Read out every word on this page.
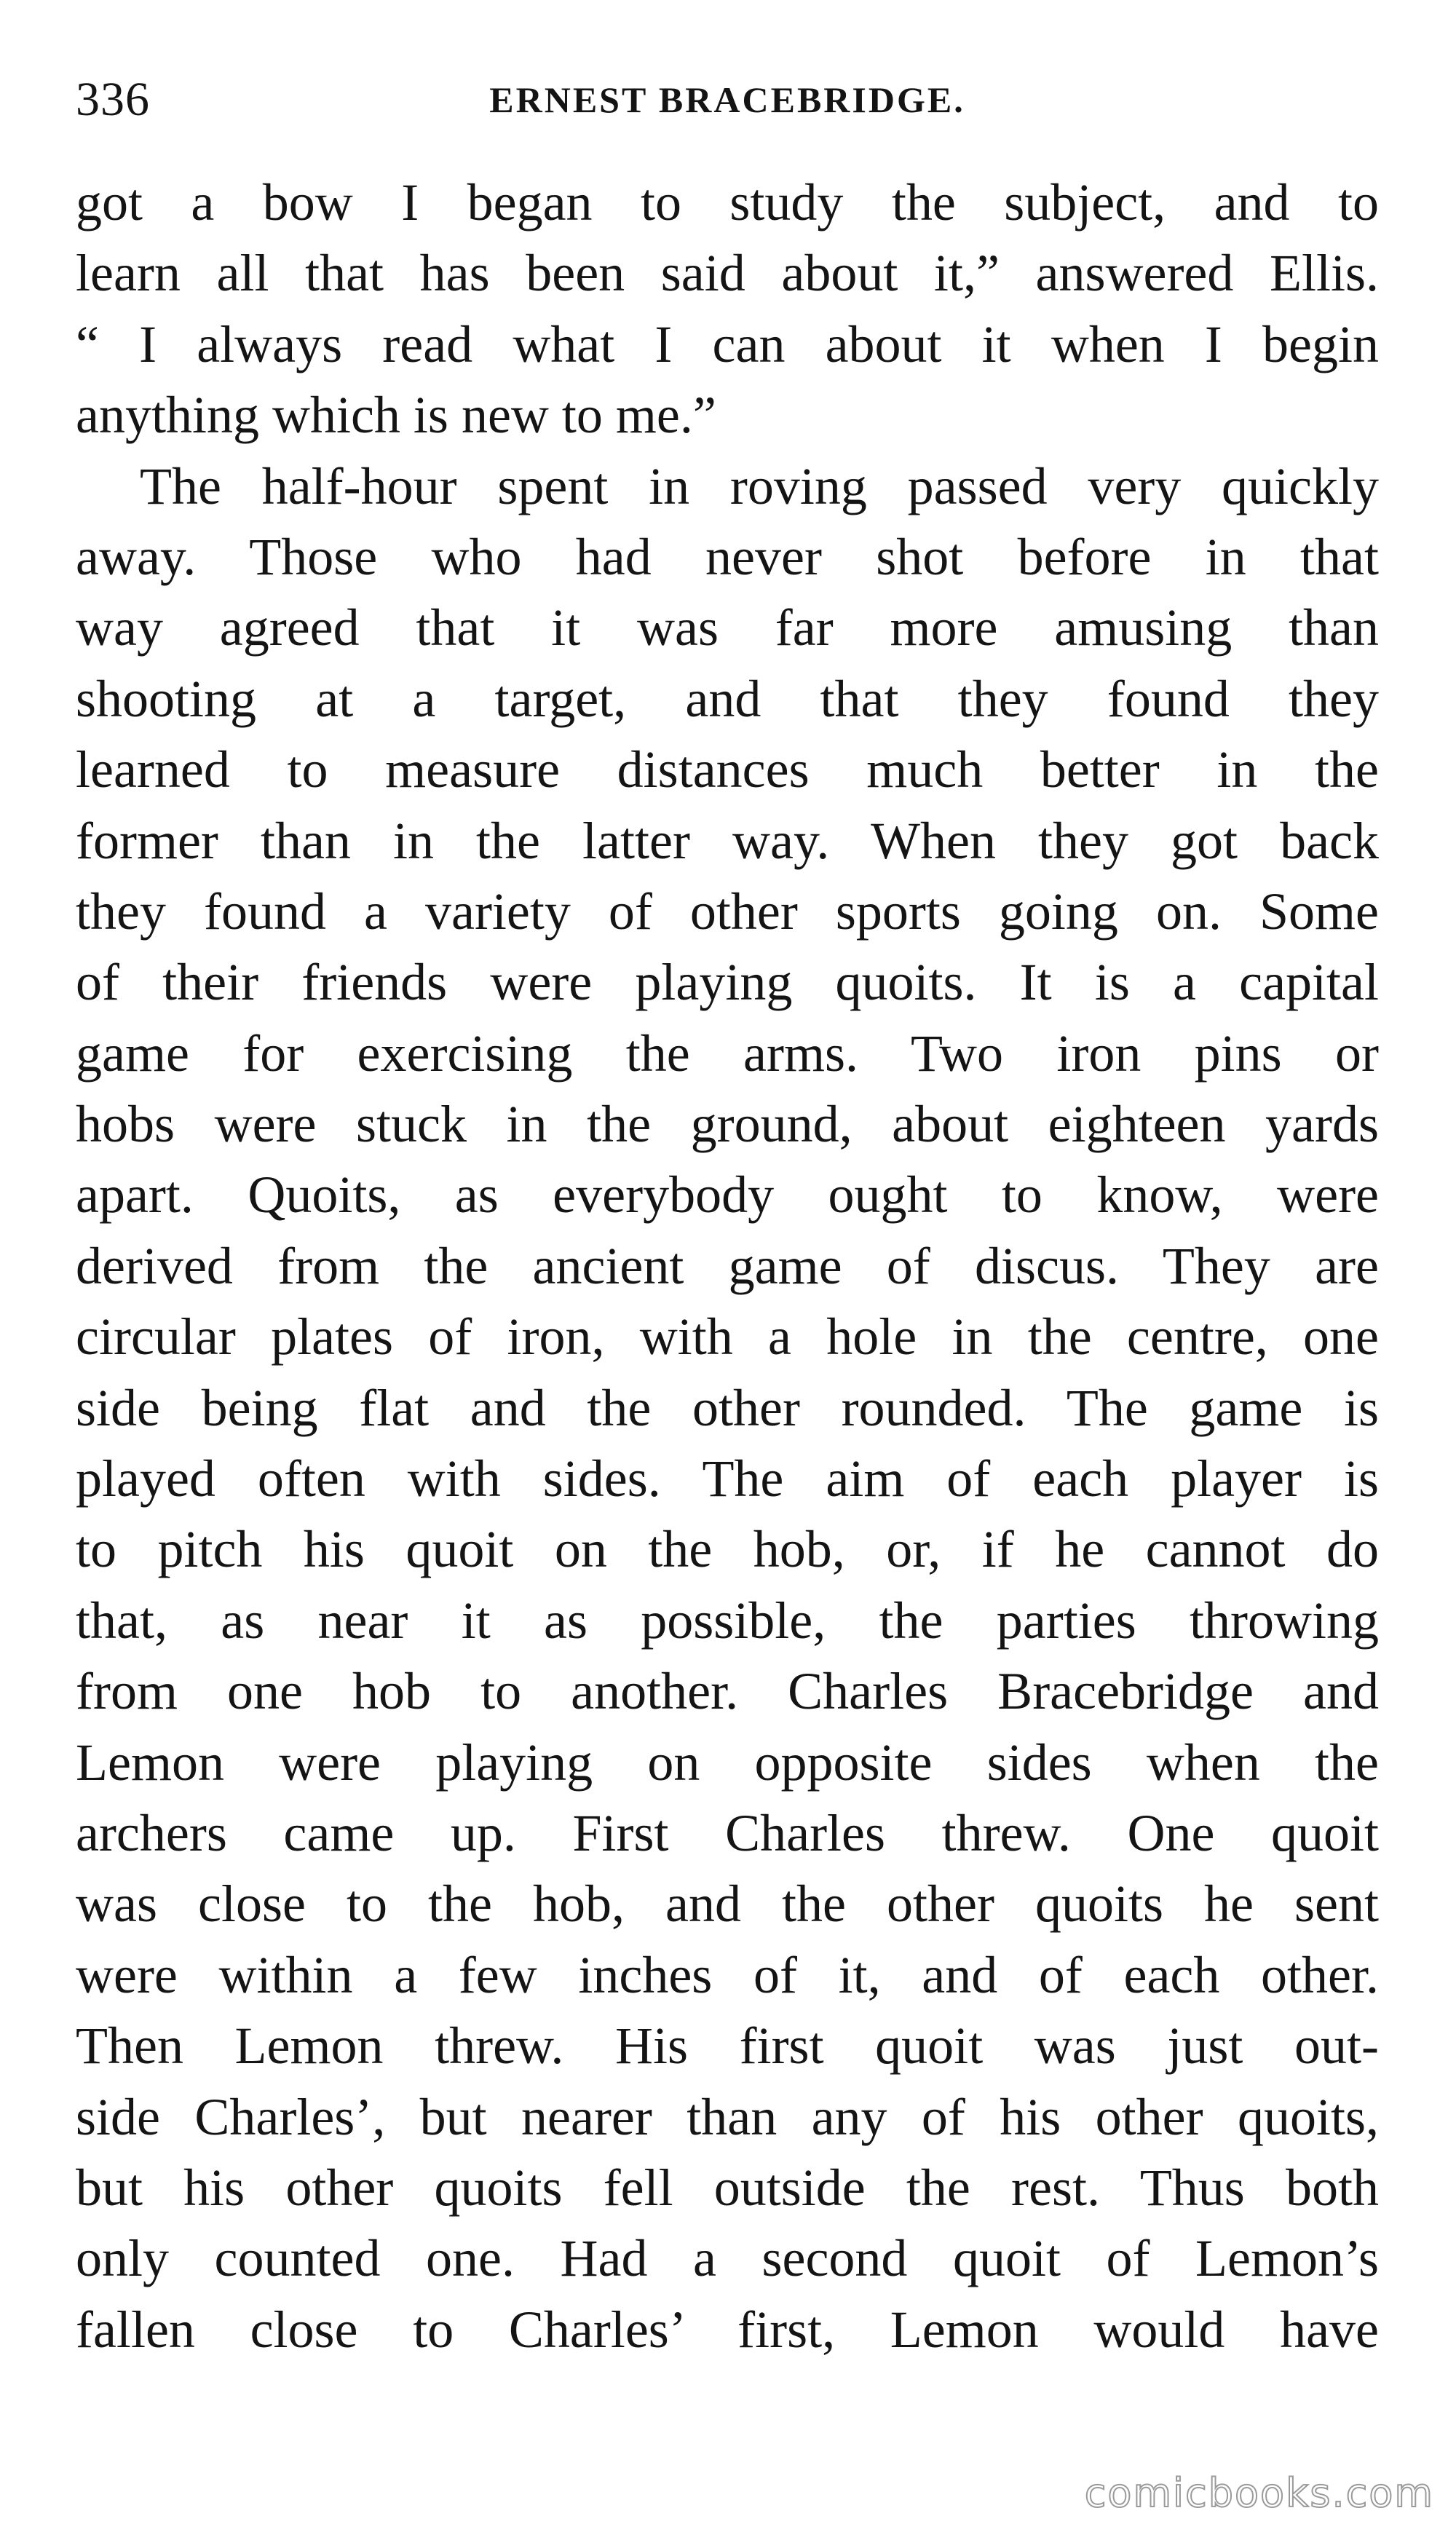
336	ERNEST BRACEBRIDGE.
got a bow I began to study the subject, and to
learn all that has been said about it,” answered Ellis.
“ I always read what I can about it when I begin
anything which is new to me.”
The half-hour spent in roving passed very quickly
away. Those who had never shot before in that
way agreed that it was far more amusing than
shooting at a target, and that they found they
learned to measure distances much better in the
former than in the latter way. When they got back
they found a variety of other sports going on. Some
of their friends were playing quoits. It is a capital
game for exercising the arms. Two iron pins or
hobs were stuck in the ground, about eighteen yards
apart. Quoits, as everybody ought to know, were
derived from the ancient game of discus. They are
circular plates of iron, with a hole in the centre, one
side being flat and the other rounded. The game is
played often with sides. The aim of each player is
to pitch his quoit on the hob, or, if he cannot do
that, as near it as possible, the parties throwing
from one hob to another. Charles Bracebridge and
Lemon were playing on opposite sides when the
archers came up. First Charles threw. One quoit
was close to the hob, and the other quoits he sent
were within a few inches of it, and of each other.
Then Lemon threw. His first quoit was just out-
side Charles’, but nearer than any of his other quoits,
but his other quoits fell outside the rest. Thus both
only counted one. Had a second quoit of Lemon’s
fallen close to Charles’ first, Lemon would have
comicbooks.com
